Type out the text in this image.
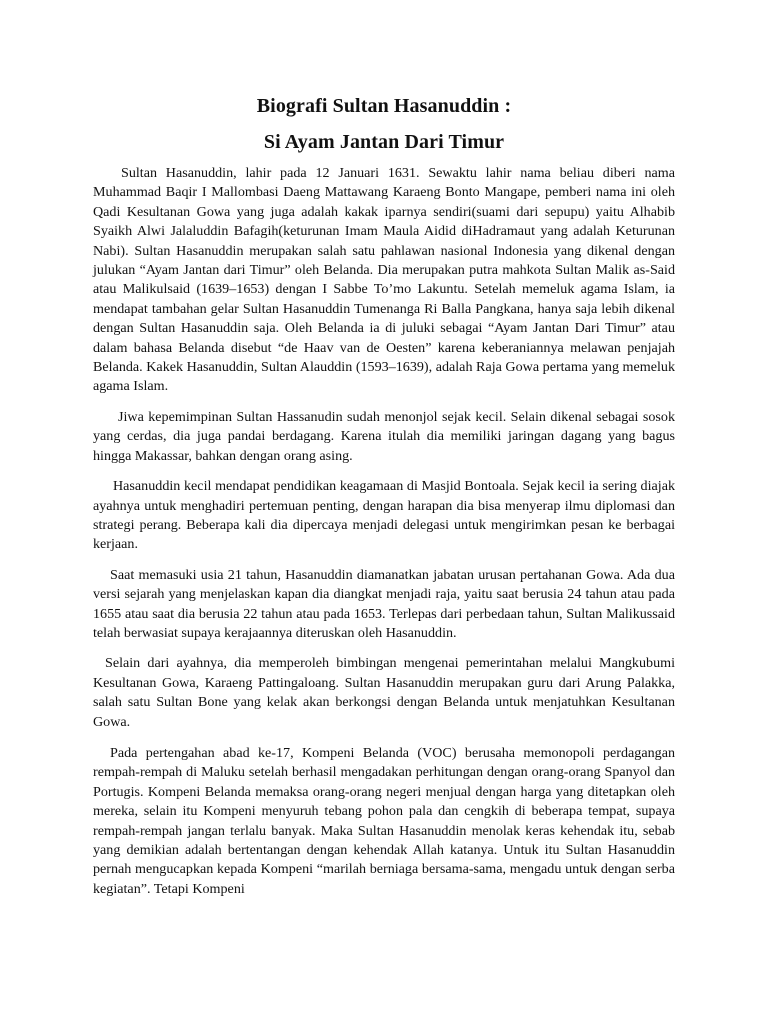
Biografi Sultan Hasanuddin :
Si Ayam Jantan Dari Timur

Sultan Hasanuddin, lahir pada 12 Januari 1631. Sewaktu lahir nama beliau diberi nama Muhammad Baqir I Mallombasi Daeng Mattawang Karaeng Bonto Mangape, pemberi nama ini oleh Qadi Kesultanan Gowa yang juga adalah kakak iparnya sendiri(suami dari sepupu) yaitu Alhabib Syaikh Alwi Jalaluddin Bafagih(keturunan Imam Maula Aidid diHadramaut yang adalah Keturunan Nabi). Sultan Hasanuddin merupakan salah satu pahlawan nasional Indonesia yang dikenal dengan julukan “Ayam Jantan dari Timur” oleh Belanda. Dia merupakan putra mahkota Sultan Malik as-Said atau Malikulsaid (1639–1653) dengan I Sabbe To’mo Lakuntu. Setelah memeluk agama Islam, ia mendapat tambahan gelar Sultan Hasanuddin Tumenanga Ri Balla Pangkana, hanya saja lebih dikenal dengan Sultan Hasanuddin saja. Oleh Belanda ia di juluki sebagai “Ayam Jantan Dari Timur” atau dalam bahasa Belanda disebut “de Haav van de Oesten” karena keberaniannya melawan penjajah Belanda. Kakek Hasanuddin, Sultan Alauddin (1593–1639), adalah Raja Gowa pertama yang memeluk agama Islam.

Jiwa kepemimpinan Sultan Hassanudin sudah menonjol sejak kecil. Selain dikenal sebagai sosok yang cerdas, dia juga pandai berdagang. Karena itulah dia memiliki jaringan dagang yang bagus hingga Makassar, bahkan dengan orang asing.

Hasanuddin kecil mendapat pendidikan keagamaan di Masjid Bontoala. Sejak kecil ia sering diajak ayahnya untuk menghadiri pertemuan penting, dengan harapan dia bisa menyerap ilmu diplomasi dan strategi perang. Beberapa kali dia dipercaya menjadi delegasi untuk mengirimkan pesan ke berbagai kerjaan.

Saat memasuki usia 21 tahun, Hasanuddin diamanatkan jabatan urusan pertahanan Gowa. Ada dua versi sejarah yang menjelaskan kapan dia diangkat menjadi raja, yaitu saat berusia 24 tahun atau pada 1655 atau saat dia berusia 22 tahun atau pada 1653. Terlepas dari perbedaan tahun, Sultan Malikussaid telah berwasiat supaya kerajaannya diteruskan oleh Hasanuddin.

Selain dari ayahnya, dia memperoleh bimbingan mengenai pemerintahan melalui Mangkubumi Kesultanan Gowa, Karaeng Pattingaloang. Sultan Hasanuddin merupakan guru dari Arung Palakka, salah satu Sultan Bone yang kelak akan berkongsi dengan Belanda untuk menjatuhkan Kesultanan Gowa.

Pada pertengahan abad ke-17, Kompeni Belanda (VOC) berusaha memonopoli perdagangan rempah-rempah di Maluku setelah berhasil mengadakan perhitungan dengan orang-orang Spanyol dan Portugis. Kompeni Belanda memaksa orang-orang negeri menjual dengan harga yang ditetapkan oleh mereka, selain itu Kompeni menyuruh tebang pohon pala dan cengkih di beberapa tempat, supaya rempah-rempah jangan terlalu banyak. Maka Sultan Hasanuddin menolak keras kehendak itu, sebab yang demikian adalah bertentangan dengan kehendak Allah katanya. Untuk itu Sultan Hasanuddin pernah mengucapkan kepada Kompeni “marilah berniaga bersama-sama, mengadu untuk dengan serba kegiatan”. Tetapi Kompeni
